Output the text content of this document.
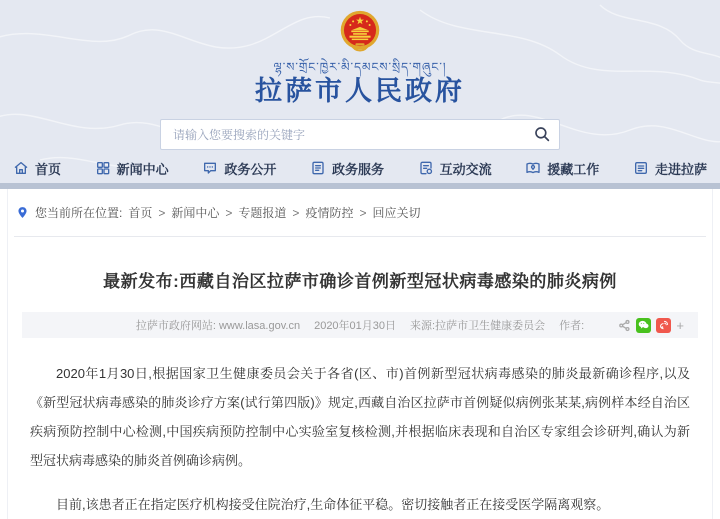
ལྷ་ས་གྲོང་ཁྱེར་མི་དམངས་སྲིད་གཞུང་།
拉萨市人民政府
请输入您要搜索的关键字
首页	新闻中心	政务公开	政务服务	互动交流	援藏工作	走进拉萨
您当前所在位置: 首页 > 新闻中心 > 专题报道 > 疫情防控 > 回应关切
最新发布:西藏自治区拉萨市确诊首例新型冠状病毒感染的肺炎病例
拉萨市政府网站: www.lasa.gov.cn 2020年01月30日 来源:拉萨市卫生健康委员会 作者:	+

2020年1月30日,根据国家卫生健康委员会关于各省(区、市)首例新型冠状病毒感染的肺炎最新确诊程序,以及《新型冠状病毒感染的肺炎诊疗方案(试行第四版)》规定,西藏自治区拉萨市首例疑似病例张某某,病例样本经自治区疾病预防控制中心检测,中国疾病预防控制中心实验室复核检测,并根据临床表现和自治区专家组会诊研判,确认为新型冠状病毒感染的肺炎首例确诊病例。

目前,该患者正在指定医疗机构接受住院治疗,生命体征平稳。密切接触者正在接受医学隔离观察。
